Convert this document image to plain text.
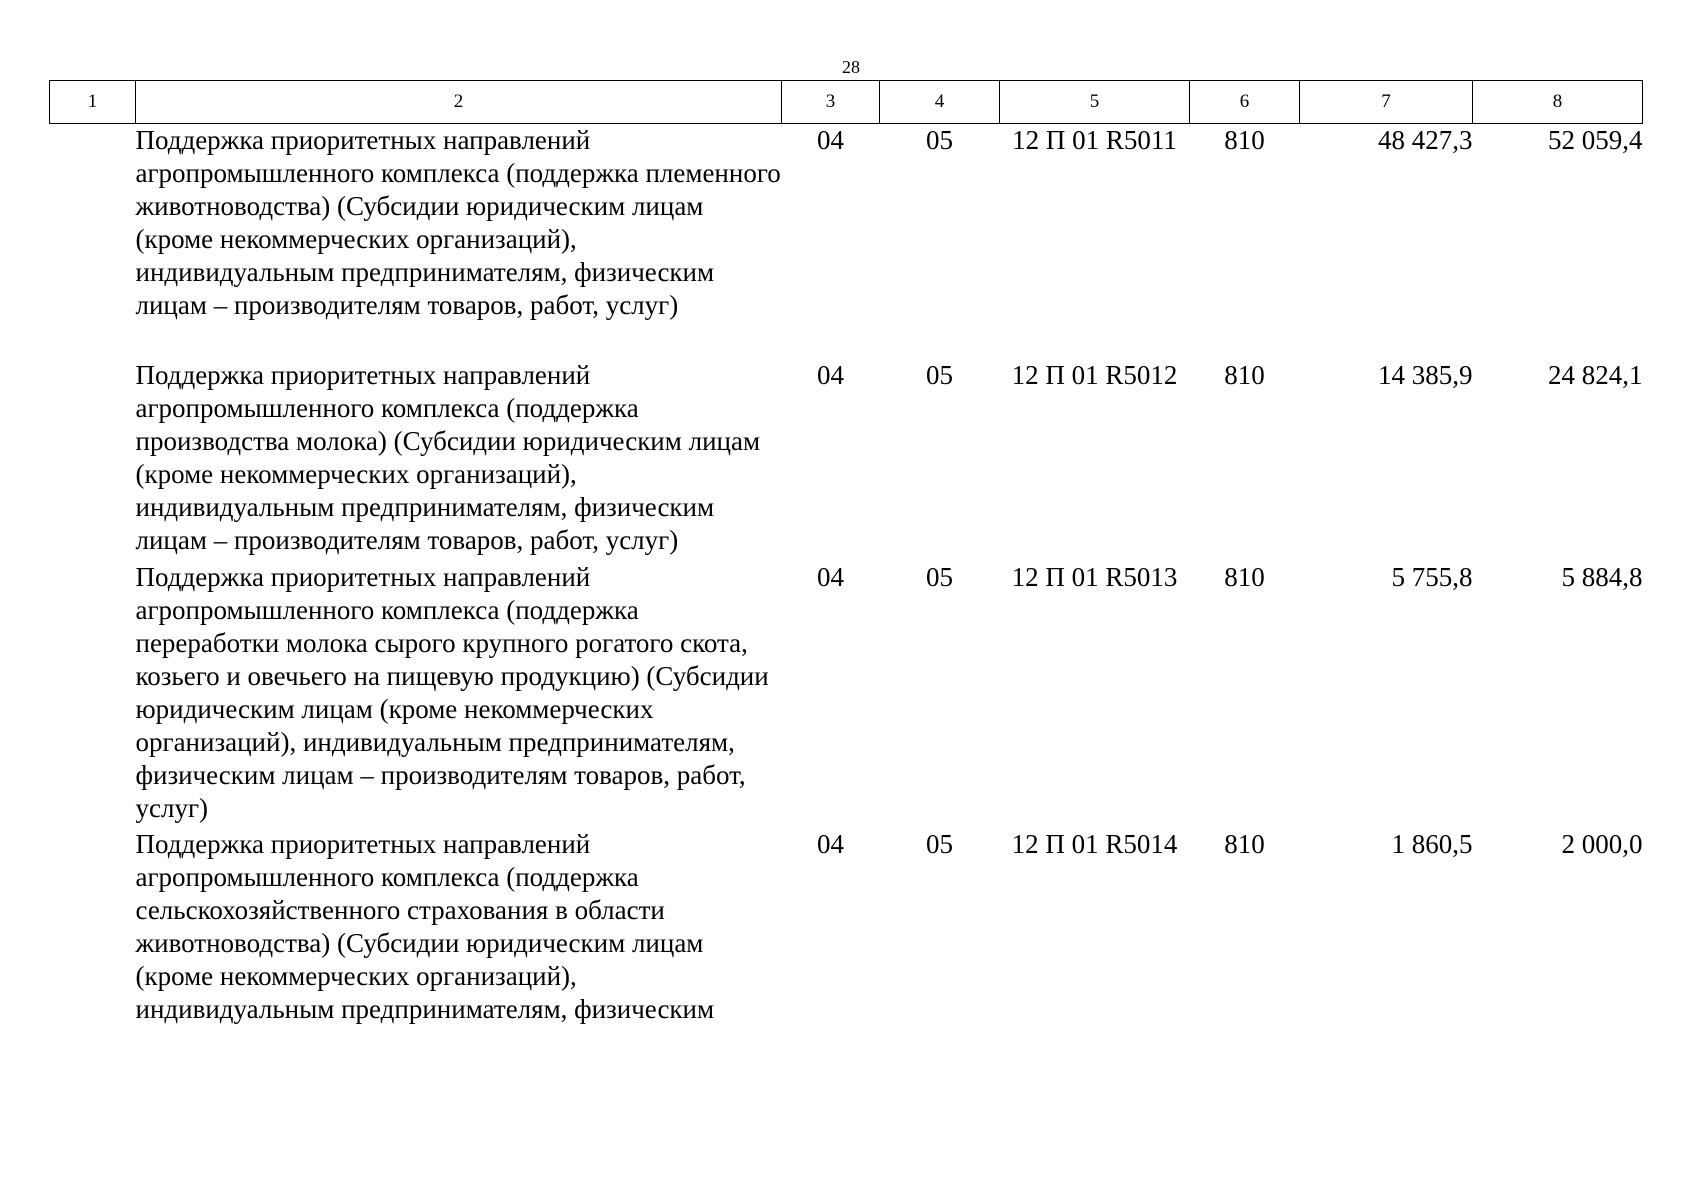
28
1	2	3	4	5	6	7	8
	Поддержка приоритетных направлений агропромышленного комплекса (поддержка племенного животноводства) (Субсидии юридическим лицам (кроме некоммерческих организаций), индивидуальным предпринимателям, физическим лицам – производителям товаров, работ, услуг)	04	05	12 П 01 R5011	810	48 427,3	52 059,4
	Поддержка приоритетных направлений агропромышленного комплекса (поддержка производства молока) (Субсидии юридическим лицам (кроме некоммерческих организаций), индивидуальным предпринимателям, физическим лицам – производителям товаров, работ, услуг)	04	05	12 П 01 R5012	810	14 385,9	24 824,1
	Поддержка приоритетных направлений агропромышленного комплекса (поддержка переработки молока сырого крупного рогатого скота, козьего и овечьего на пищевую продукцию) (Субсидии юридическим лицам (кроме некоммерческих организаций), индивидуальным предпринимателям, физическим лицам – производителям товаров, работ, услуг)	04	05	12 П 01 R5013	810	5 755,8	5 884,8
	Поддержка приоритетных направлений агропромышленного комплекса (поддержка сельскохозяйственного страхования в области животноводства) (Субсидии юридическим лицам (кроме некоммерческих организаций), индивидуальным предпринимателям, физическим	04	05	12 П 01 R5014	810	1 860,5	2 000,0
